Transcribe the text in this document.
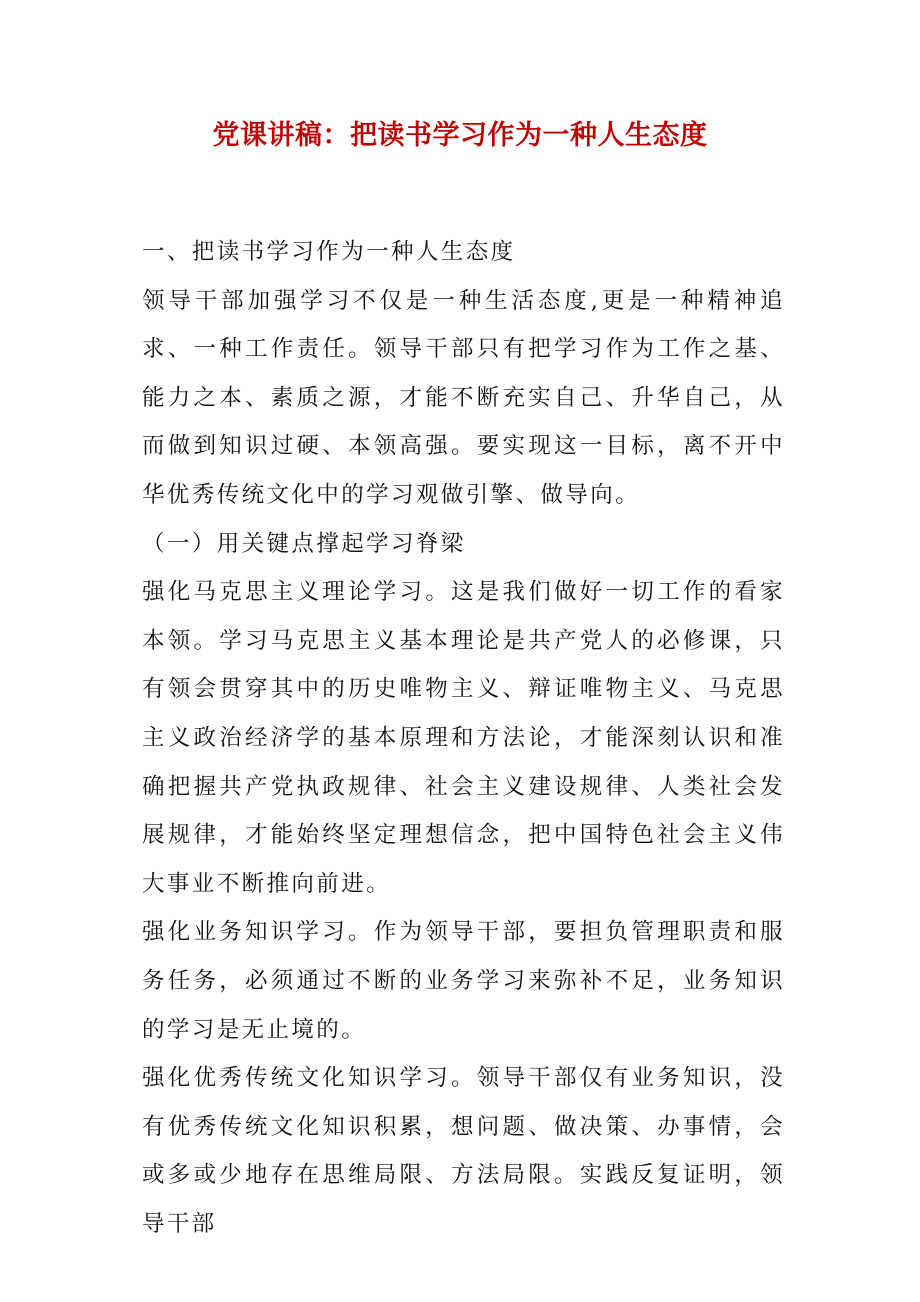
党课讲稿：把读书学习作为一种人生态度

一、把读书学习作为一种人生态度

领导干部加强学习不仅是一种生活态度,更是一种精神追求、一种工作责任。领导干部只有把学习作为工作之基、能力之本、素质之源，才能不断充实自己、升华自己，从而做到知识过硬、本领高强。要实现这一目标，离不开中华优秀传统文化中的学习观做引擎、做导向。

（一）用关键点撑起学习脊梁

强化马克思主义理论学习。这是我们做好一切工作的看家本领。学习马克思主义基本理论是共产党人的必修课，只有领会贯穿其中的历史唯物主义、辩证唯物主义、马克思主义政治经济学的基本原理和方法论，才能深刻认识和准确把握共产党执政规律、社会主义建设规律、人类社会发展规律，才能始终坚定理想信念，把中国特色社会主义伟大事业不断推向前进。

强化业务知识学习。作为领导干部，要担负管理职责和服务任务，必须通过不断的业务学习来弥补不足，业务知识的学习是无止境的。

强化优秀传统文化知识学习。领导干部仅有业务知识，没有优秀传统文化知识积累，想问题、做决策、办事情，会或多或少地存在思维局限、方法局限。实践反复证明，领导干部
